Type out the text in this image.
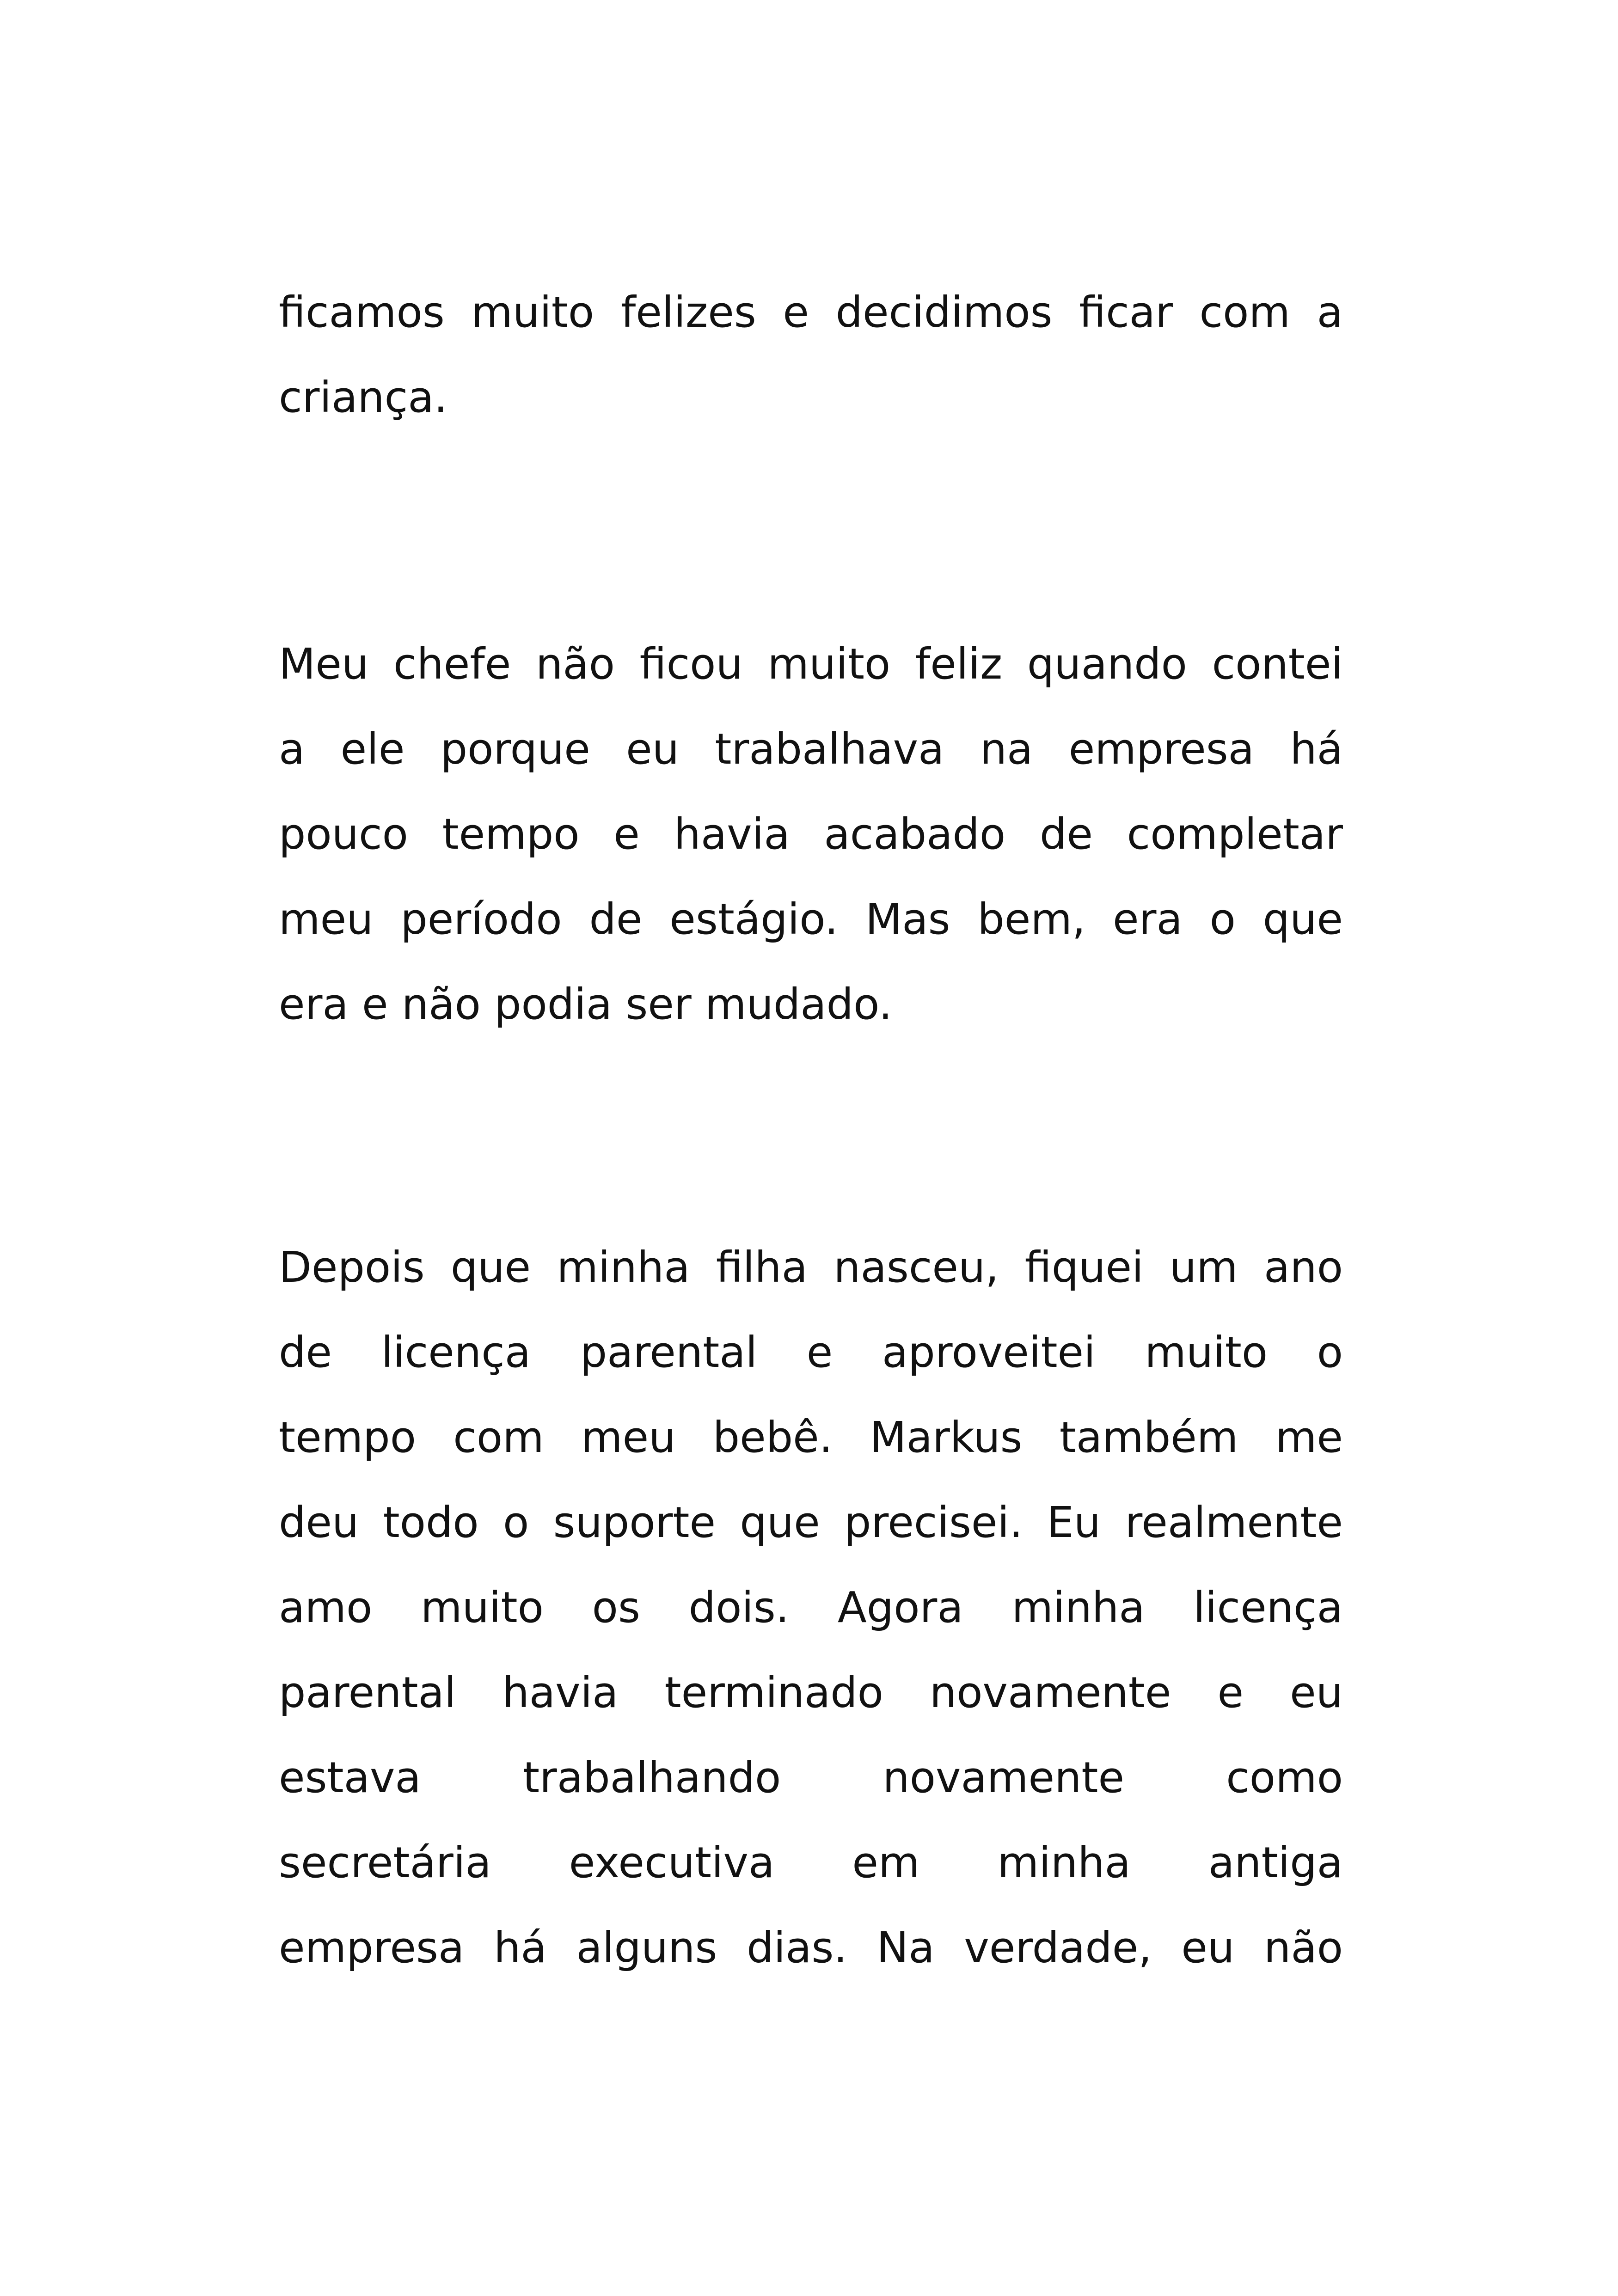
ficamos muito felizes e decidimos ficar com a
criança.
Meu chefe não ficou muito feliz quando contei
a ele porque eu trabalhava na empresa há
pouco tempo e havia acabado de completar
meu período de estágio. Mas bem, era o que
era e não podia ser mudado.
Depois que minha filha nasceu, fiquei um ano
de licença parental e aproveitei muito o
tempo com meu bebê. Markus também me
deu todo o suporte que precisei. Eu realmente
amo muito os dois. Agora minha licença
parental havia terminado novamente e eu
estava trabalhando novamente como
secretária executiva em minha antiga
empresa há alguns dias. Na verdade, eu não
